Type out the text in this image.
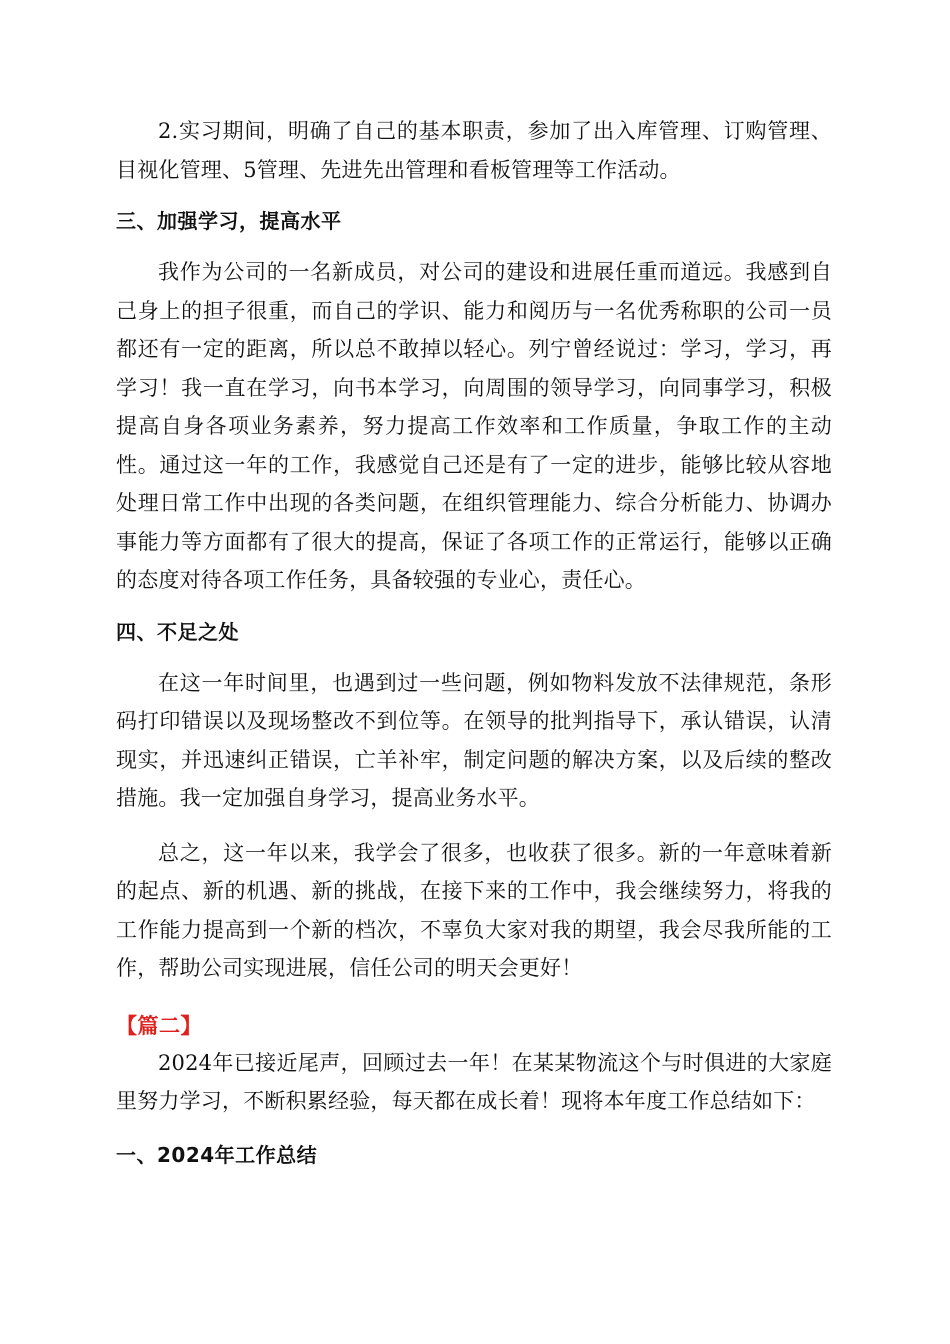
2.实习期间，明确了自己的基本职责，参加了出入库管理、订购管理、目视化管理、5管理、先进先出管理和看板管理等工作活动。

三、加强学习，提高水平

我作为公司的一名新成员，对公司的建设和进展任重而道远。我感到自己身上的担子很重，而自己的学识、能力和阅历与一名优秀称职的公司一员都还有一定的距离，所以总不敢掉以轻心。列宁曾经说过：学习，学习，再学习！我一直在学习，向书本学习，向周围的领导学习，向同事学习，积极提高自身各项业务素养，努力提高工作效率和工作质量，争取工作的主动性。通过这一年的工作，我感觉自己还是有了一定的进步，能够比较从容地处理日常工作中出现的各类问题，在组织管理能力、综合分析能力、协调办事能力等方面都有了很大的提高，保证了各项工作的正常运行，能够以正确的态度对待各项工作任务，具备较强的专业心，责任心。

四、不足之处

在这一年时间里，也遇到过一些问题，例如物料发放不法律规范，条形码打印错误以及现场整改不到位等。在领导的批判指导下，承认错误，认清现实，并迅速纠正错误，亡羊补牢，制定问题的解决方案，以及后续的整改措施。我一定加强自身学习，提高业务水平。

总之，这一年以来，我学会了很多，也收获了很多。新的一年意味着新的起点、新的机遇、新的挑战，在接下来的工作中，我会继续努力，将我的工作能力提高到一个新的档次，不辜负大家对我的期望，我会尽我所能的工作，帮助公司实现进展，信任公司的明天会更好！

【篇二】

2024年已接近尾声，回顾过去一年！在某某物流这个与时俱进的大家庭里努力学习，不断积累经验，每天都在成长着！现将本年度工作总结如下：

一、2024年工作总结
